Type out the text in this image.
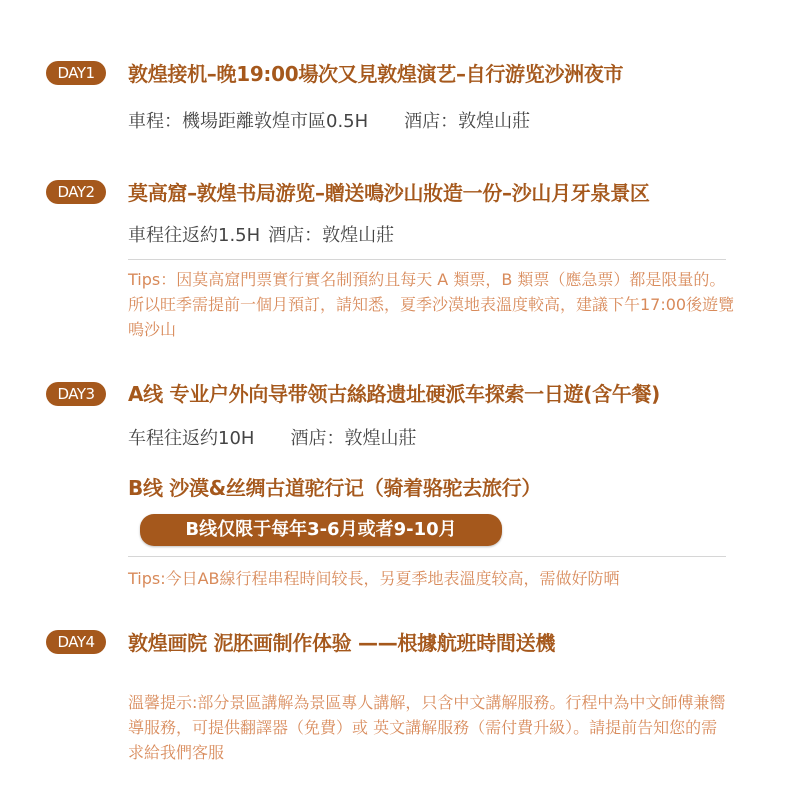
DAY1	敦煌接机–晚19:00場次又見敦煌演艺–自行游览沙洲夜市
車程：機場距離敦煌市區0.5H 酒店：敦煌山莊
DAY2	莫高窟–敦煌书局游览–贈送鳴沙山妝造一份–沙山月牙泉景区
車程往返約1.5H 酒店：敦煌山莊
Tips：因莫高窟門票實行實名制預約且每天 A 類票，B 類票（應急票）都是限量的。所以旺季需提前一個月預訂，請知悉，夏季沙漠地表溫度較高，建議下午17:00後遊覽鳴沙山
DAY3	A线 专业户外向导带领古絲路遗址硬派车探索一日遊(含午餐)
车程往返约10H 酒店：敦煌山莊
B线 沙漠&丝绸古道驼行记（骑着骆驼去旅行）
B线仅限于每年3-6月或者9-10月
Tips:今日AB線行程串程時间较長，另夏季地表溫度较高，需做好防晒
DAY4	敦煌画院 泥胚画制作体验 ——根據航班時間送機
溫馨提示:部分景區講解為景區專人講解，只含中文講解服務。行程中為中文師傅兼嚮導服務，可提供翻譯器（免費）或 英文講解服務（需付費升級）。請提前告知您的需求給我們客服
